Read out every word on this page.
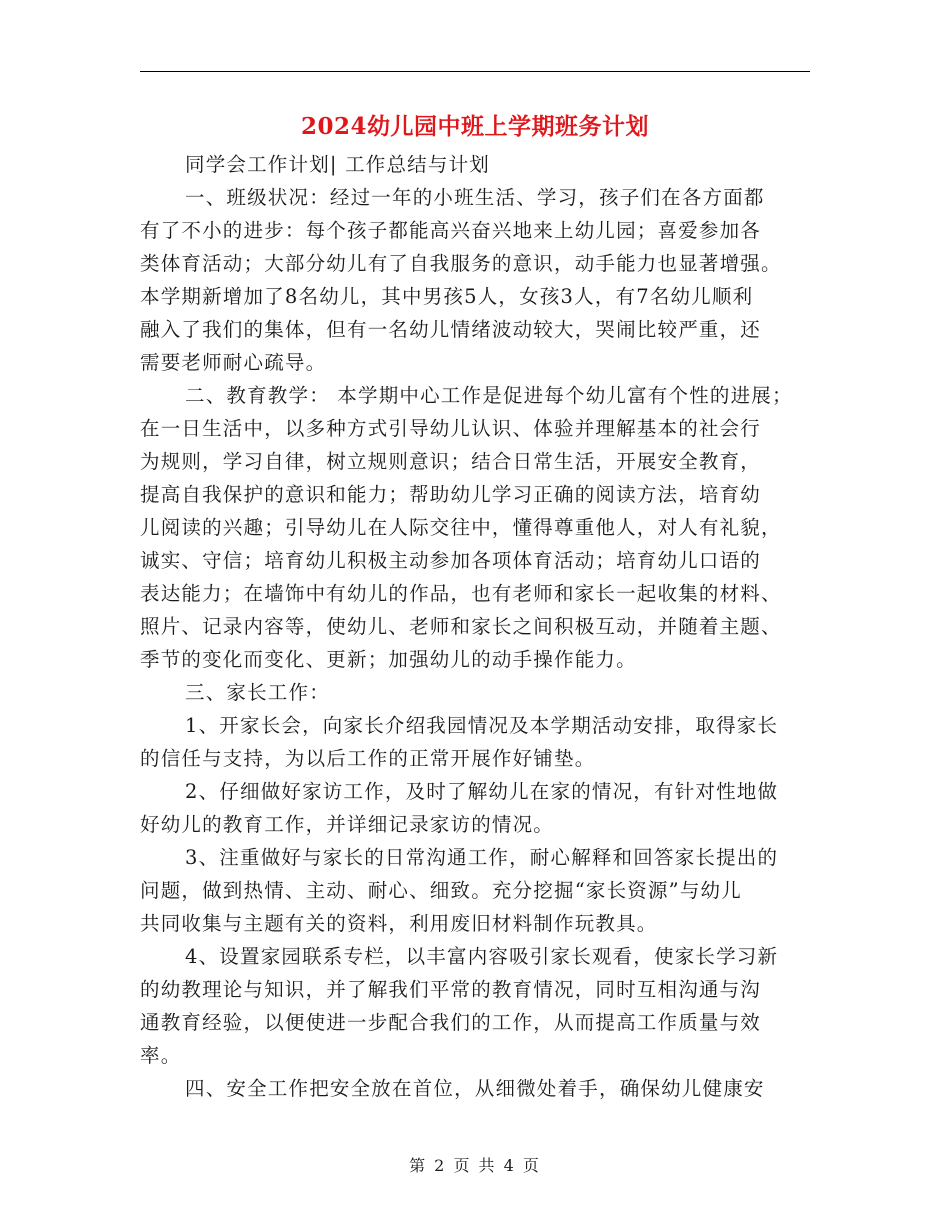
2024幼儿园中班上学期班务计划

同学会工作计划| 工作总结与计划

一、班级状况：经过一年的小班生活、学习，孩子们在各方面都
有了不小的进步：每个孩子都能高兴奋兴地来上幼儿园；喜爱参加各
类体育活动；大部分幼儿有了自我服务的意识，动手能力也显著增强。
本学期新增加了8名幼儿，其中男孩5人，女孩3人，有7名幼儿顺利
融入了我们的集体，但有一名幼儿情绪波动较大，哭闹比较严重，还
需要老师耐心疏导。

二、教育教学： 本学期中心工作是促进每个幼儿富有个性的进展；
在一日生活中，以多种方式引导幼儿认识、体验并理解基本的社会行
为规则，学习自律，树立规则意识；结合日常生活，开展安全教育，
提高自我保护的意识和能力；帮助幼儿学习正确的阅读方法，培育幼
儿阅读的兴趣；引导幼儿在人际交往中，懂得尊重他人，对人有礼貌，
诚实、守信；培育幼儿积极主动参加各项体育活动；培育幼儿口语的
表达能力；在墙饰中有幼儿的作品，也有老师和家长一起收集的材料、
照片、记录内容等，使幼儿、老师和家长之间积极互动，并随着主题、
季节的变化而变化、更新；加强幼儿的动手操作能力。

三、家长工作：

1、开家长会，向家长介绍我园情况及本学期活动安排，取得家长
的信任与支持，为以后工作的正常开展作好铺垫。

2、仔细做好家访工作，及时了解幼儿在家的情况，有针对性地做
好幼儿的教育工作，并详细记录家访的情况。

3、注重做好与家长的日常沟通工作，耐心解释和回答家长提出的
问题，做到热情、主动、耐心、细致。充分挖掘“家长资源”与幼儿
共同收集与主题有关的资料，利用废旧材料制作玩教具。

4、设置家园联系专栏，以丰富内容吸引家长观看，使家长学习新
的幼教理论与知识，并了解我们平常的教育情况，同时互相沟通与沟
通教育经验，以便使进一步配合我们的工作，从而提高工作质量与效
率。

四、安全工作把安全放在首位，从细微处着手，确保幼儿健康安

第 2 页 共 4 页
